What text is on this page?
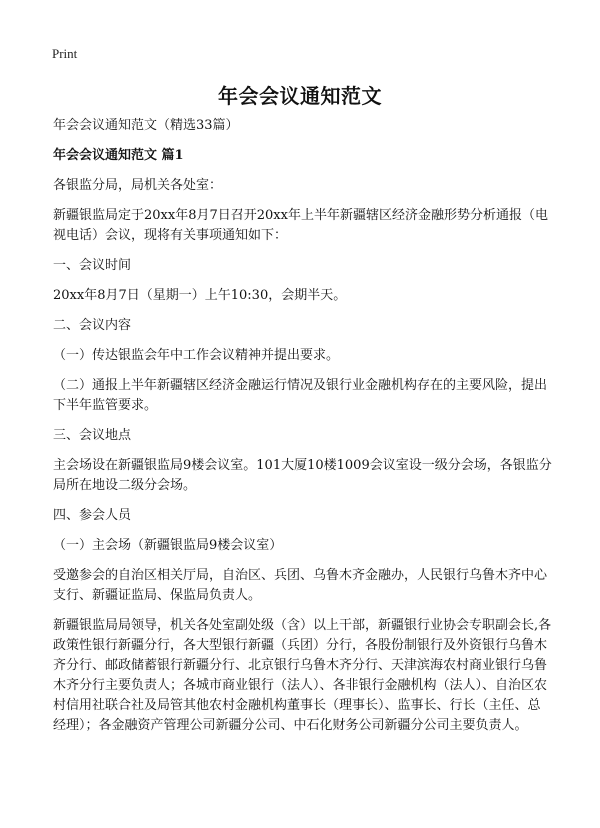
Print
年会会议通知范文

年会会议通知范文（精选33篇）

年会会议通知范文 篇1

各银监分局，局机关各处室：

新疆银监局定于20xx年8月7日召开20xx年上半年新疆辖区经济金融形势分析通报（电视电话）会议，现将有关事项通知如下：

一、会议时间

20xx年8月7日（星期一）上午10:30，会期半天。

二、会议内容

（一）传达银监会年中工作会议精神并提出要求。

（二）通报上半年新疆辖区经济金融运行情况及银行业金融机构存在的主要风险，提出下半年监管要求。

三、会议地点

主会场设在新疆银监局9楼会议室。101大厦10楼1009会议室设一级分会场，各银监分局所在地设二级分会场。

四、参会人员

（一）主会场（新疆银监局9楼会议室）

受邀参会的自治区相关厅局，自治区、兵团、乌鲁木齐金融办，人民银行乌鲁木齐中心支行、新疆证监局、保监局负责人。

新疆银监局局领导，机关各处室副处级（含）以上干部，新疆银行业协会专职副会长,各政策性银行新疆分行，各大型银行新疆（兵团）分行，各股份制银行及外资银行乌鲁木齐分行、邮政储蓄银行新疆分行、北京银行乌鲁木齐分行、天津滨海农村商业银行乌鲁木齐分行主要负责人；各城市商业银行（法人）、各非银行金融机构（法人）、自治区农村信用社联合社及局管其他农村金融机构董事长（理事长）、监事长、行长（主任、总经理）；各金融资产管理公司新疆分公司、中石化财务公司新疆分公司主要负责人。
